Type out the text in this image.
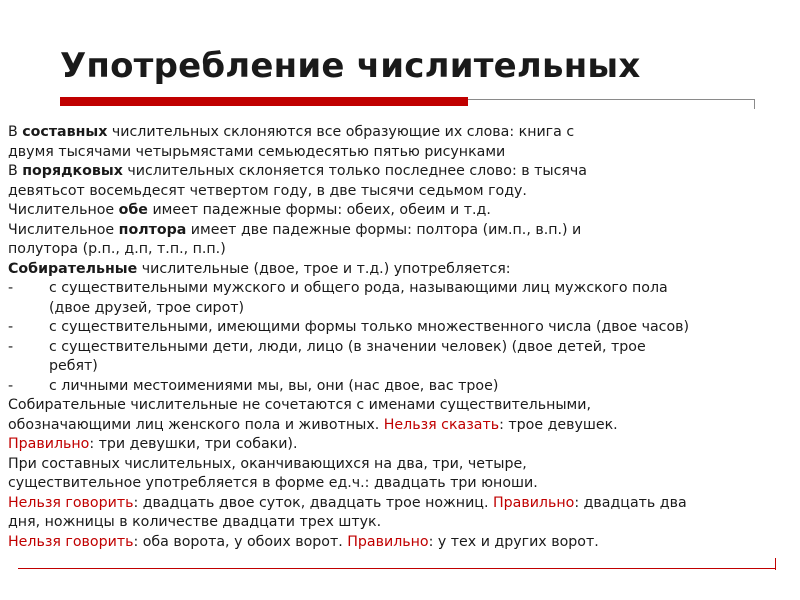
Употребление числительных
В составных числительных склоняются все образующие их слова: книга с
двумя тысячами четырьмястами семьюдесятью пятью рисунками
В порядковых числительных склоняется только последнее слово: в тысяча
девятьсот восемьдесят четвертом году, в две тысячи седьмом году.
Числительное обе имеет падежные формы: обеих, обеим и т.д.
Числительное полтора имеет две падежные формы: полтора (им.п., в.п.) и
полутора (р.п., д.п, т.п., п.п.)
Собирательные числительные (двое, трое и т.д.) употребляется:
-	с существительными мужского и общего рода, называющими лиц мужского пола
(двое друзей, трое сирот)
-	с существительными, имеющими формы только множественного числа (двое часов)
-	с существительными дети, люди, лицо (в значении человек) (двое детей, трое
ребят)
-	с личными местоимениями мы, вы, они (нас двое, вас трое)
Собирательные числительные не сочетаются с именами существительными,
обозначающими лиц женского пола и животных. Нельзя сказать: трое девушек.
Правильно: три девушки, три собаки).
При составных числительных, оканчивающихся на два, три, четыре,
существительное употребляется в форме ед.ч.: двадцать три юноши.
Нельзя говорить: двадцать двое суток, двадцать трое ножниц. Правильно: двадцать два
дня, ножницы в количестве двадцати трех штук.
Нельзя говорить: оба ворота, у обоих ворот. Правильно: у тех и других ворот.
